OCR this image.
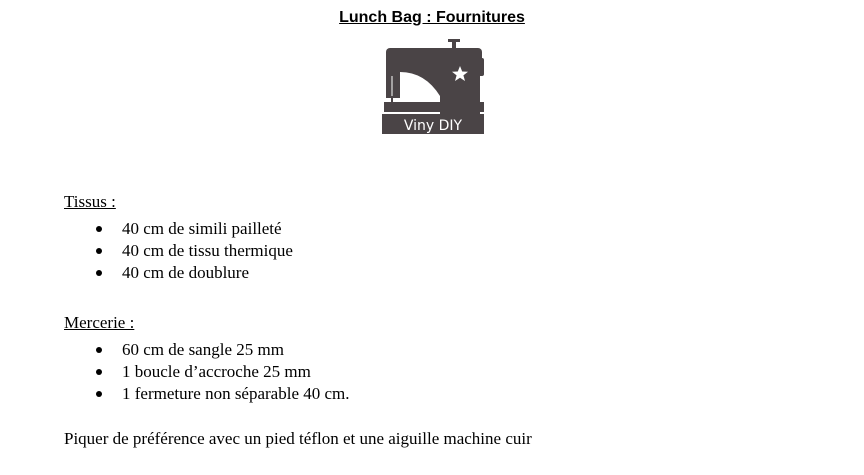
Lunch Bag : Fournitures
Viny DIY
Tissus :
40 cm de simili pailleté
40 cm de tissu thermique
40 cm de doublure
Mercerie :
60 cm de sangle 25 mm
1 boucle d’accroche 25 mm
1 fermeture non séparable 40 cm.
Piquer de préférence avec un pied téflon et une aiguille machine cuir
